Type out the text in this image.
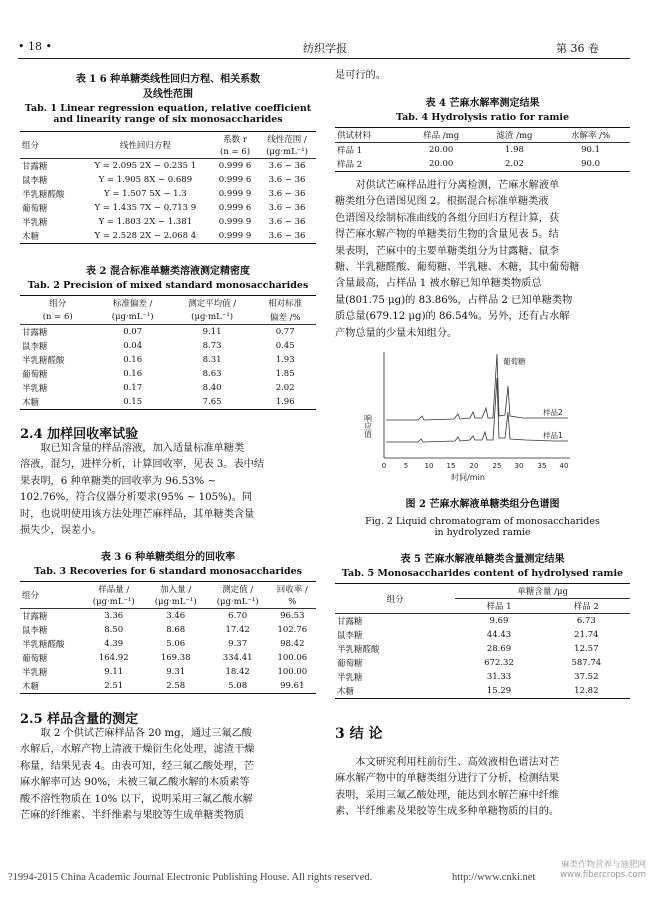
• 18 •	纺织学报	第 36 卷
表 1 6 种单糖类线性回归方程、相关系数
及线性范围
Tab. 1 Linear regression equation, relative coefficient
and linearity range of six monosaccharides
组分	线性回归方程	系数 r	线性范围 /
		(n = 6)	(μg·mL⁻¹)
甘露糖	Y = 2.095 2X − 0.235 1	0.999 6	3.6 ~ 36
鼠李糖	Y = 1.905 8X − 0.689	0.999 6	3.6 ~ 36
半乳糖醛酸	Y = 1.507 5X − 1.3	0.999 9	3.6 ~ 36
葡萄糖	Y = 1.435 7X − 0.713 9	0.999 6	3.6 ~ 36
半乳糖	Y = 1.803 2X − 1.381	0.999 9	3.6 ~ 36
木糖	Y = 2.528 2X − 2.068 4	0.999 9	3.6 ~ 36
表 2 混合标准单糖类溶液测定精密度
Tab. 2 Precision of mixed standard monosaccharides
组分	标准偏差 /	测定平均值 /	相对标准
(n = 6)	(μg·mL⁻¹)	(μg·mL⁻¹)	偏差 /%
甘露糖	0.07	9.11	0.77
鼠李糖	0.04	8.73	0.45
半乳糖醛酸	0.16	8.31	1.93
葡萄糖	0.16	8.63	1.85
半乳糖	0.17	8.40	2.02
木糖	0.15	7.65	1.96
2.4 加样回收率试验
取已知含量的样品溶液，加入适量标准单糖类
溶液，混匀，进样分析，计算回收率，见表 3。表中结
果表明，6 种单糖类的回收率为 96.53% ~
102.76%，符合仪器分析要求(95% ~ 105%)。同
时，也说明使用该方法处理芒麻样品，其单糖类含量
损失少，误差小。
表 3 6 种单糖类组分的回收率
Tab. 3 Recoveries for 6 standard monosaccharides
组分	样品量 /	加入量 /	测定值 /	回收率 /
	(μg·mL⁻¹)	(μg·mL⁻¹)	(μg·mL⁻¹)	%
甘露糖	3.36	3.46	6.70	96.53
鼠李糖	8.50	8.68	17.42	102.76
半乳糖醛酸	4.39	5.06	9.37	98.42
葡萄糖	164.92	169.38	334.41	100.06
半乳糖	9.11	9.31	18.42	100.00
木糖	2.51	2.58	5.08	99.61
2.5 样品含量的测定
取 2 个供试芒麻样品各 20 mg，通过三氟乙酸
水解后，水解产物上清液干燥衍生化处理，滤渣干燥
称量，结果见表 4。由表可知，经三氟乙酸处理，芒
麻水解率可达 90%，未被三氟乙酸水解的木质素等
酸不溶性物质在 10% 以下，说明采用三氟乙酸水解
芒麻的纤维素、半纤维素与果胶等生成单糖类物质
是可行的。
表 4 芒麻水解率测定结果
Tab. 4 Hydrolysis ratio for ramie
供试材料	样品 /mg	滤渣 /mg	水解率 /%
样品 1	20.00	1.98	90.1
样品 2	20.00	2.02	90.0
对供试芒麻样品进行分离检测，芒麻水解液单
糖类组分色谱图见图 2。根据混合标准单糖类液
色谱图及绘制标准曲线的各组分回归方程计算，获
得芒麻水解产物的单糖类衍生物的含量见表 5。结
果表明，芒麻中的主要单糖类组分为甘露糖、鼠李
糖、半乳糖醛酸、葡萄糖、半乳糖、木糖，其中葡萄糖
含量最高，占样品 1 被水解已知单糖类物质总
量(801.75 μg)的 83.86%，占样品 2 已知单糖类物
质总量(679.12 μg)的 86.54%。另外，还有占水解
产物总量的少量未知组分。
响应值
0	5 10 15 20 25 30 35 40
时间/min
葡萄糖
样品2
样品1
图 2 芒麻水解液单糖类组分色谱图
Fig. 2 Liquid chromatogram of monosaccharides
in hydrolyzed ramie
表 5 芒麻水解液单糖类含量测定结果
Tab. 5 Monosaccharides content of hydrolysed ramie
组分	单糖含量 /μg	
	样品 1	样品 2
甘露糖	9.69	6.73
鼠李糖	44.43	21.74
半乳糖醛酸	28.69	12.57
葡萄糖	672.32	587.74
半乳糖	31.33	37.52
木糖	15.29	12.82
3 结 论
本文研究利用柱前衍生、高效液相色谱法对芒
麻水解产物中的单糖类组分进行了分析，检测结果
表明，采用三氟乙酸处理，能达到水解芒麻中纤维
素、半纤维素及果胶等生成多种单糖物质的目的。
?1994-2015 China Academic Journal Electronic Publishing House. All rights reserved.	http://www.cnki.net
麻类作物营养与施肥网 www.fibercrops.com
